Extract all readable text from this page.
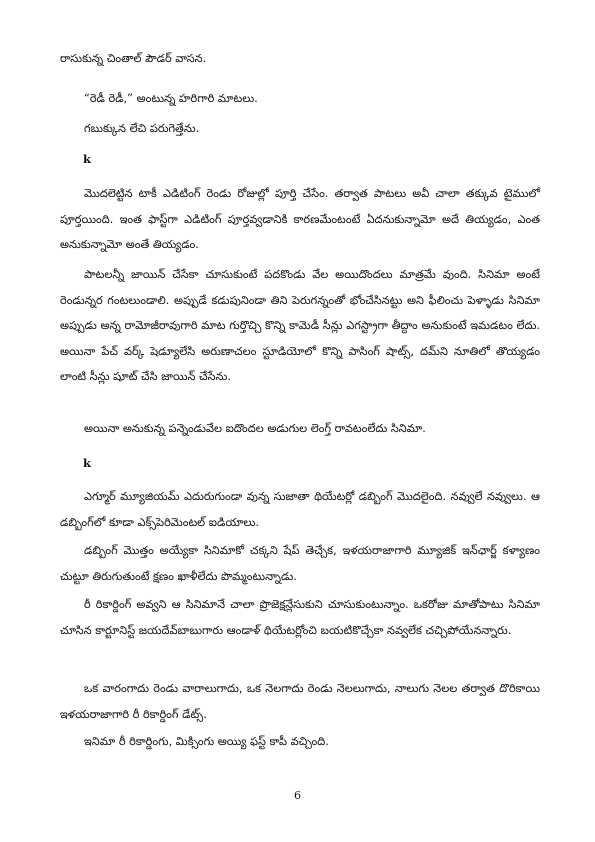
రాసుకున్న చింతాల్‌ పౌడర్‌ వాసన.

“రెడీ రెడీ,” అంటున్న హరిగారి మాటలు.

గబుక్కున లేచి పరుగెత్తేను.

k

మొదలెట్టిన టాకీ ఎడిటింగ్‌ రెండు రోజుల్లో పూర్తి చేసేం. తర్వాత పాటలు అవీ చాలా తక్కువ టైములో పూర్తయింది. ఇంత ఫాస్ట్‌గా ఎడిటింగ్‌ పూర్తవ్వడానికి కారణమేంటంటే ఏదనుకున్నామో అదే తియ్యడం, ఎంత అనుకున్నామో అంతే తియ్యడం.

పాటలన్నీ జాయిన్‌ చేసేకా చూసుకుంటే పదకొండు వేల అయిదొందలు మాత్రమే వుంది. సినిమా అంటే రెండున్నర గంటలుండాలి. అప్పుడే కడుపునిండా తిని పెరుగన్నంతో భోంచేసినట్టు అని ఫీలించు పెళ్ళాడు సినిమా అప్పుడు అన్న రామోజీరావుగారి మాట గుర్తొచ్చి కొన్ని కామెడీ సీన్లు ఎగస్ట్రాగా తీద్దాం అనుకుంటే ఇమడటం లేదు. అయినా పేచ్‌ వర్క్‌ షెడ్యూలేసి అరుణాచలం స్టూడియోలో కొన్ని పాసింగ్‌ షాట్స్‌, దమ్‌ని నూతిలో తొయ్యడం లాంటి సీన్లు షూట్‌ చేసి జాయిన్‌ చేసేను.

అయినా అనుకున్న పన్నెండువేల ఐదొందల అడుగుల లెంగ్త్‌ రావటంలేదు సినిమా.

k

ఎగ్మూర్‌ మ్యూజియమ్‌ ఎదురుగుండా వున్న సుజాతా థియేటర్లో డబ్బింగ్‌ మొదలైంది. నవ్వులే నవ్వులు. ఆ డబ్బింగ్‌లో కూడా ఎక్స్‌పెరిమెంటల్‌ ఐడియాలు.

డబ్బింగ్‌ మొత్తం అయ్యేకా సినిమాకో చక్కని షేప్‌ తెచ్చేక, ఇళయరాజాగారి మ్యూజిక్‌ ఇన్‌ఛార్జ్‌ కళ్యాణం చుట్టూ తిరుగుతుంటే క్షణం ఖాళీలేదు పొమ్మంటున్నాడు.

రీ రికార్డింగ్‌ అవ్వని ఆ సినిమానే చాలా ప్రొజెక్షన్లేసుకుని చూసుకుంటున్నాం. ఒకరోజు మాతోపాటు సినిమా చూసిన కార్టూనిస్ట్‌ జయదేవ్‌బాబుగారు ఆండాళ్‌ థియేటర్లోంచి బయటికొచ్చేకా నవ్వలేక చచ్చిపోయేనన్నారు.

ఒక వారంగాదు రెండు వారాలుగాదు, ఒక నెలగాదు రెండు నెలలుగాదు, నాలుగు నెలల తర్వాత దొరికాయి ఇళయరాజాగారి రీ రికార్డింగ్‌ డేట్స్‌.

ఇనిమా రీ రికార్డింగు, మిక్సింగు అయ్యి ఫస్ట్‌ కాపీ వచ్చింది.

6
